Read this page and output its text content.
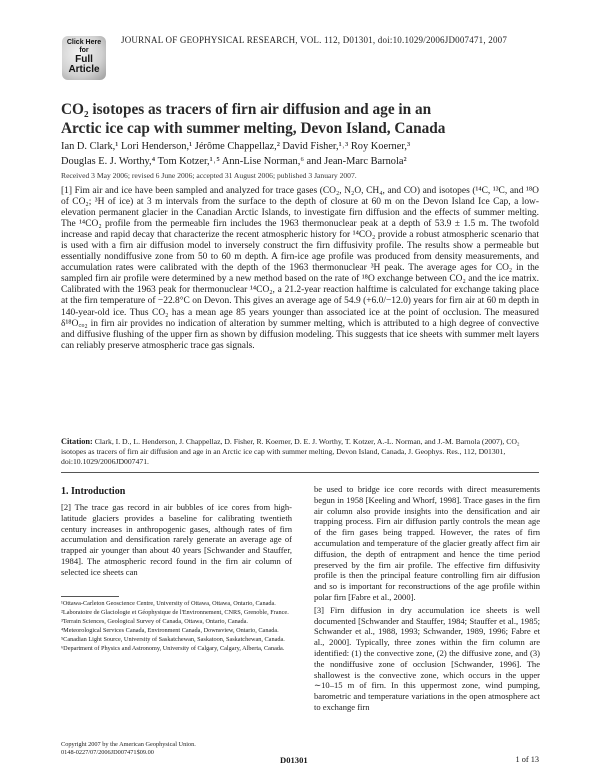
Click Here
for

Full
Article
JOURNAL OF GEOPHYSICAL RESEARCH, VOL. 112, D01301, doi:10.1029/2006JD007471, 2007
CO₂ isotopes as tracers of firn air diffusion and age in an
Arctic ice cap with summer melting, Devon Island, Canada
Ian D. Clark,¹ Lori Henderson,¹ Jérôme Chappellaz,² David Fisher,¹˒³ Roy Koerner,³
Douglas E. J. Worthy,⁴ Tom Kotzer,¹˒⁵ Ann-Lise Norman,⁶ and Jean-Marc Barnola²
Received 3 May 2006; revised 6 June 2006; accepted 31 August 2006; published 3 January 2007.

[1] Fim air and ice have been sampled and analyzed for trace gases (CO₂, N₂O, CH₄, and CO) and isotopes (¹⁴C, ¹³C, and ¹⁸O of CO₂; ³H of ice) at 3 m intervals from the surface to the depth of closure at 60 m on the Devon Island Ice Cap, a low-elevation permanent glacier in the Canadian Arctic Islands, to investigate firn diffusion and the effects of summer melting. The ¹⁴CO₂ profile from the permeable firn includes the 1963 thermonuclear peak at a depth of 53.9 ± 1.5 m. The twofold increase and rapid decay that characterize the recent atmospheric history for ¹⁴CO₂ provide a robust atmospheric scenario that is used with a firn air diffusion model to inversely construct the firn diffusivity profile. The results show a permeable but essentially nondiffusive zone from 50 to 60 m depth. A firn-ice age profile was produced from density measurements, and accumulation rates were calibrated with the depth of the 1963 thermonuclear ³H peak. The average ages for CO₂ in the sampled firn air profile were determined by a new method based on the rate of ¹⁸O exchange between CO₂ and the ice matrix. Calibrated with the 1963 peak for thermonuclear ¹⁴CO₂, a 21.2-year reaction halftime is calculated for exchange taking place at the firn temperature of −22.8°C on Devon. This gives an average age of 54.9 (+6.0/−12.0) years for firn air at 60 m depth in 140-year-old ice. Thus CO₂ has a mean age 85 years younger than associated ice at the point of occlusion. The measured δ¹⁸O꜀ₒ₂ in firn air provides no indication of alteration by summer melting, which is attributed to a high degree of convective and diffusive flushing of the upper firn as shown by diffusion modeling. This suggests that ice sheets with summer melt layers can reliably preserve atmospheric trace gas signals.

Citation: Clark, I. D., L. Henderson, J. Chappellaz, D. Fisher, R. Koerner, D. E. J. Worthy, T. Kotzer, A.-L. Norman, and J.-M. Barnola (2007), CO₂ isotopes as tracers of firn air diffusion and age in an Arctic ice cap with summer melting, Devon Island, Canada, J. Geophys. Res., 112, D01301, doi:10.1029/2006JD007471.
1. Introduction

[2] The trace gas record in air bubbles of ice cores from high-latitude glaciers provides a baseline for calibrating twentieth century increases in anthropogenic gases, although rates of firn accumulation and densification rarely generate an average age of trapped air younger than about 40 years [Schwander and Stauffer, 1984]. The atmospheric record found in the firn air column of selected ice sheets can

be used to bridge ice core records with direct measurements begun in 1958 [Keeling and Whorf, 1998]. Trace gases in the firn air column also provide insights into the densification and air trapping process. Firn air diffusion partly controls the mean age of the firn gases being trapped. However, the rates of firn accumulation and temperature of the glacier greatly affect firn air diffusion, the depth of entrapment and hence the time period preserved by the firn air profile. The effective firn diffusivity profile is then the principal feature controlling firn air diffusion and so is important for reconstructions of the age profile within polar firn [Fabre et al., 2000].

[3] Firn diffusion in dry accumulation ice sheets is well documented [Schwander and Stauffer, 1984; Stauffer et al., 1985; Schwander et al., 1988, 1993; Schwander, 1989, 1996; Fabre et al., 2000]. Typically, three zones within the firn column are identified: (1) the convective zone, (2) the diffusive zone, and (3) the nondiffusive zone of occlusion [Schwander, 1996]. The shallowest is the convective zone, which occurs in the upper ∼10–15 m of firn. In this uppermost zone, wind pumping, barometric and temperature variations in the open atmosphere act to exchange firn

¹Ottawa-Carleton Geoscience Centre, University of Ottawa, Ottawa, Ontario, Canada.
²Laboratoire de Glaciologie et Géophysique de l'Environnement, CNRS, Grenoble, France.
³Terrain Sciences, Geological Survey of Canada, Ottawa, Ontario, Canada.
⁴Meteorological Services Canada, Environment Canada, Downsview, Ontario, Canada.
⁵Canadian Light Source, University of Saskatchewan, Saskatoon, Saskatchewan, Canada.
⁶Department of Physics and Astronomy, University of Calgary, Calgary, Alberta, Canada.
Copyright 2007 by the American Geophysical Union.
0148-0227/07/2006JD007471$09.00
D01301	1 of 13
